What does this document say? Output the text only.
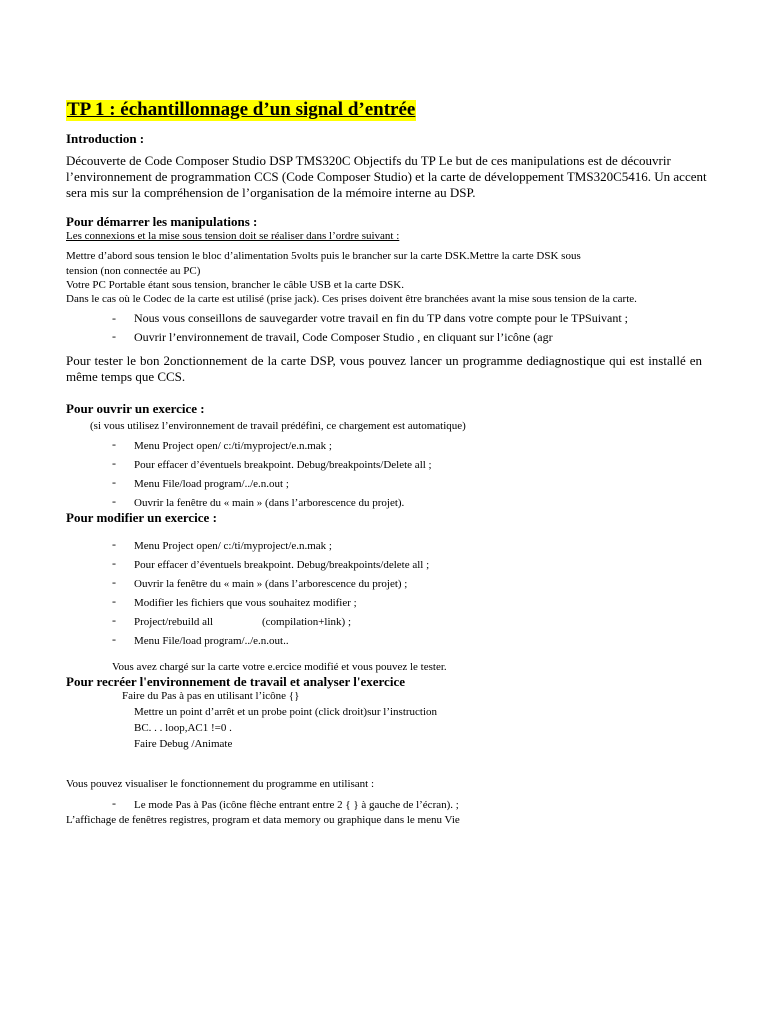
TP 1 : échantillonnage d’un signal d’entrée
Introduction :
Découverte de Code Composer Studio DSP TMS320C Objectifs du TP Le but de ces manipulations est de découvrir l’environnement de programmation CCS (Code Composer Studio) et la carte de développement TMS320C5416. Un accent sera mis sur la compréhension de l’organisation de la mémoire interne au DSP.
Pour démarrer les manipulations :
Les connexions et la mise sous tension doit se réaliser dans l’ordre suivant :
Mettre d’abord sous tension le bloc d’alimentation 5volts puis le brancher sur la carte DSK.Mettre la carte DSK sous
tension (non connectée au PC)
Votre PC Portable étant sous tension, brancher le câble USB et la carte DSK.
Dans le cas où le Codec de la carte est utilisé (prise jack). Ces prises doivent être branchées avant la mise sous tension de la carte.
- Nous vous conseillons de sauvegarder votre travail en fin du TP dans votre compte pour le TPSuivant ;
- Ouvrir l’environnement de travail, Code Composer Studio , en cliquant sur l’icône (agr
Pour tester le bon 2onctionnement de la carte DSP, vous pouvez lancer un programme dediagnostique qui est installé en même temps que CCS.
Pour ouvrir un exercice :
(si vous utilisez l’environnement de travail prédéfini, ce chargement est automatique)
- Menu Project open/ c:/ti/myproject/e.n.mak ;
- Pour effacer d’éventuels breakpoint. Debug/breakpoints/Delete all ;
- Menu File/load program/../e.n.out ;
- Ouvrir la fenêtre du « main » (dans l’arborescence du projet).
Pour modifier un exercice :
- Menu Project open/ c:/ti/myproject/e.n.mak ;
- Pour effacer d’éventuels breakpoint. Debug/breakpoints/delete all ;
- Ouvrir la fenêtre du « main » (dans l’arborescence du projet) ;
- Modifier les fichiers que vous souhaitez modifier ;
- Project/rebuild all	(compilation+link) ;
- Menu File/load program/../e.n.out..
Vous avez chargé sur la carte votre e.ercice modifié et vous pouvez le tester.
Pour recréer l'environnement de travail et analyser l'exercice
Faire du Pas à pas en utilisant l’icône {}
Mettre un point d’arrêt et un probe point (click droit)sur l’instruction
BC. . . loop,AC1 !=0 .
Faire Debug /Animate
Vous pouvez visualiser le fonctionnement du programme en utilisant :
- Le mode Pas à Pas (icône flèche entrant entre 2 { } à gauche de l’écran). ;
L’affichage de fenêtres registres, program et data memory ou graphique dans le menu Vie
